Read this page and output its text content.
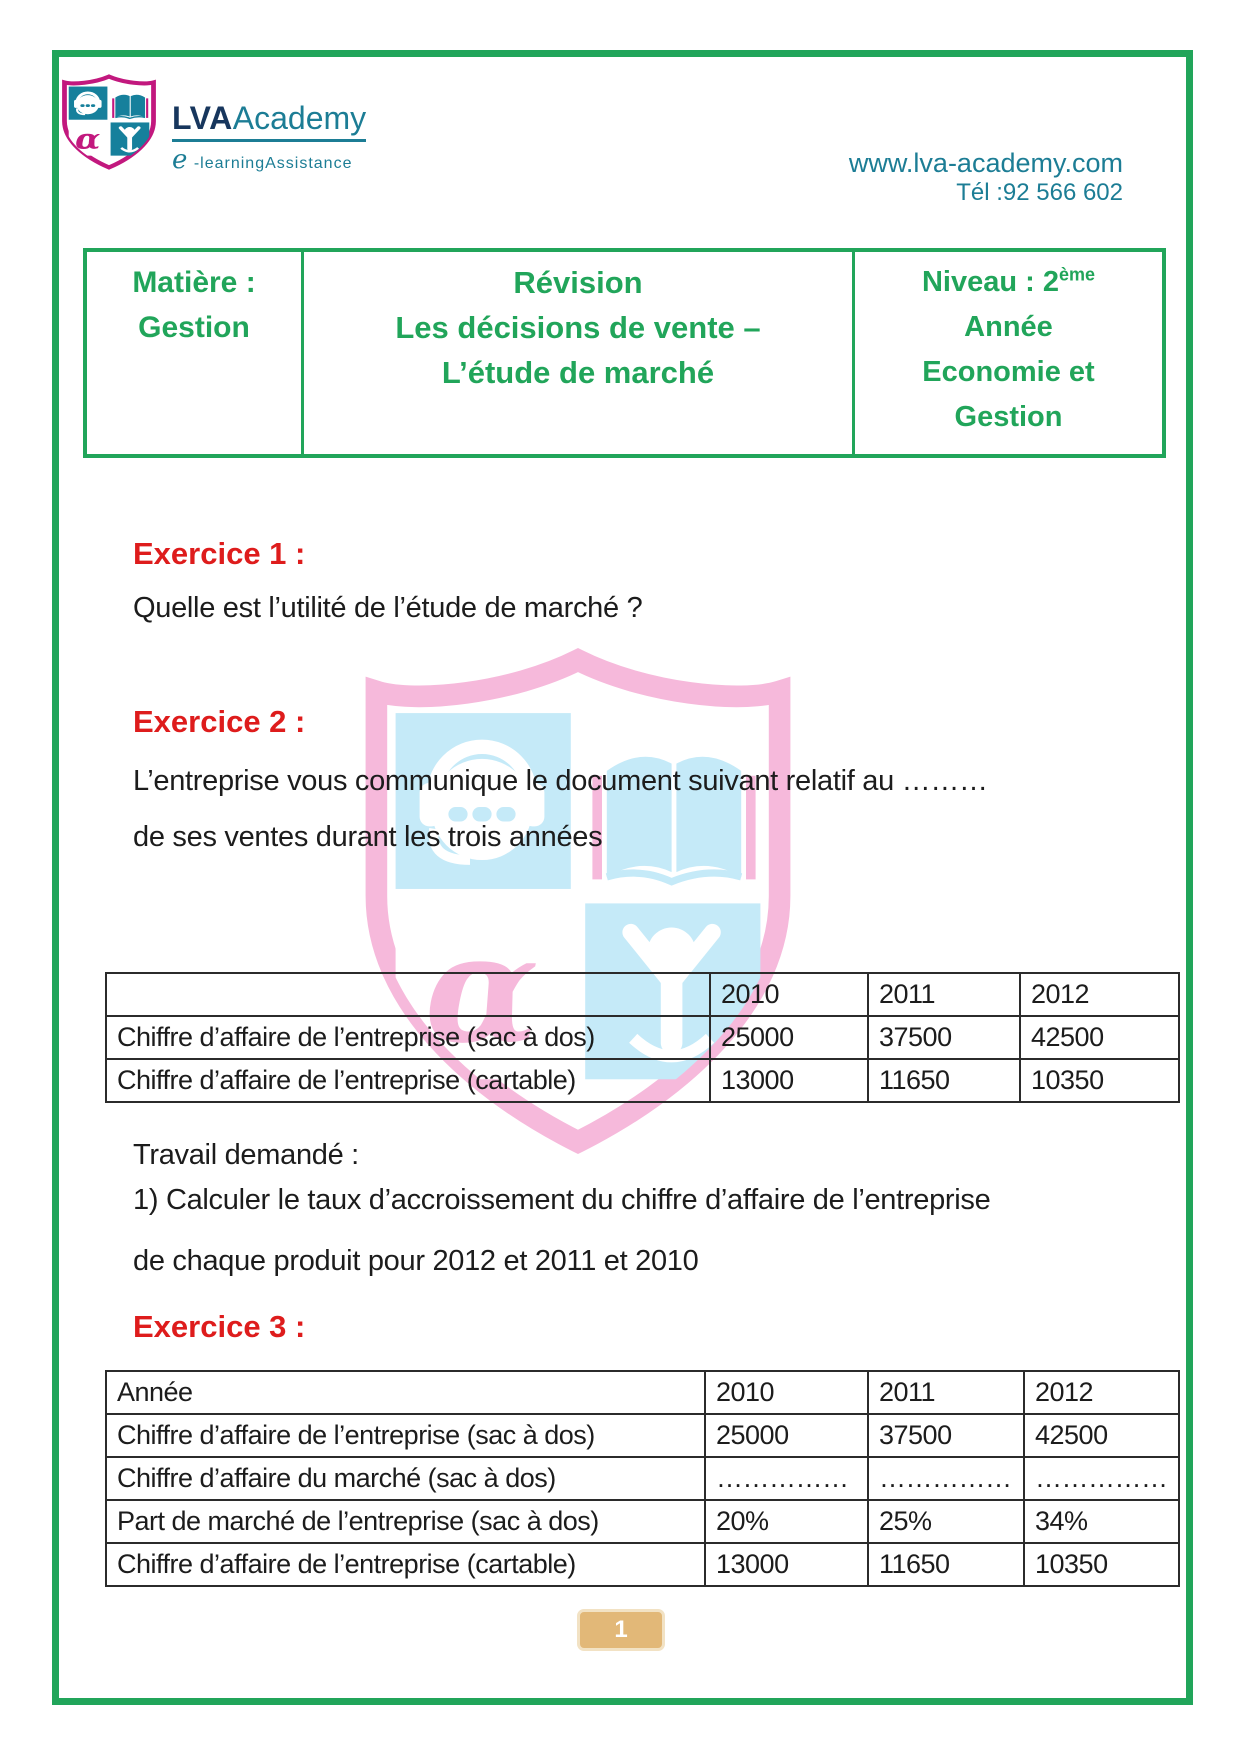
LVAAcademy
e -learningAssistance	www.lva-academy.com
Tél :92 566 602
Matière :
Gestion
Révision
Les décisions de vente –
L’étude de marché
Niveau : 2ème
Année
Economie et
Gestion
Exercice 1 :
Quelle est l’utilité de l’étude de marché ?
Exercice 2 :
L’entreprise vous communique le document suivant relatif au ………
de ses ventes durant les trois années
	2010	2011	2012
Chiffre d’affaire de l’entreprise (sac à dos)	25000	37500	42500
Chiffre d’affaire de l’entreprise (cartable)	13000	11650	10350
Travail demandé :
1) Calculer le taux d’accroissement du chiffre d’affaire de l’entreprise
de chaque produit pour 2012 et 2011 et 2010
Exercice 3 :
Année	2010	2011	2012
Chiffre d’affaire de l’entreprise (sac à dos)	25000	37500	42500
Chiffre d’affaire du marché (sac à dos)	……………	……………	……………
Part de marché de l’entreprise (sac à dos)	20%	25%	34%
Chiffre d’affaire de l’entreprise (cartable)	13000	11650	10350
1
